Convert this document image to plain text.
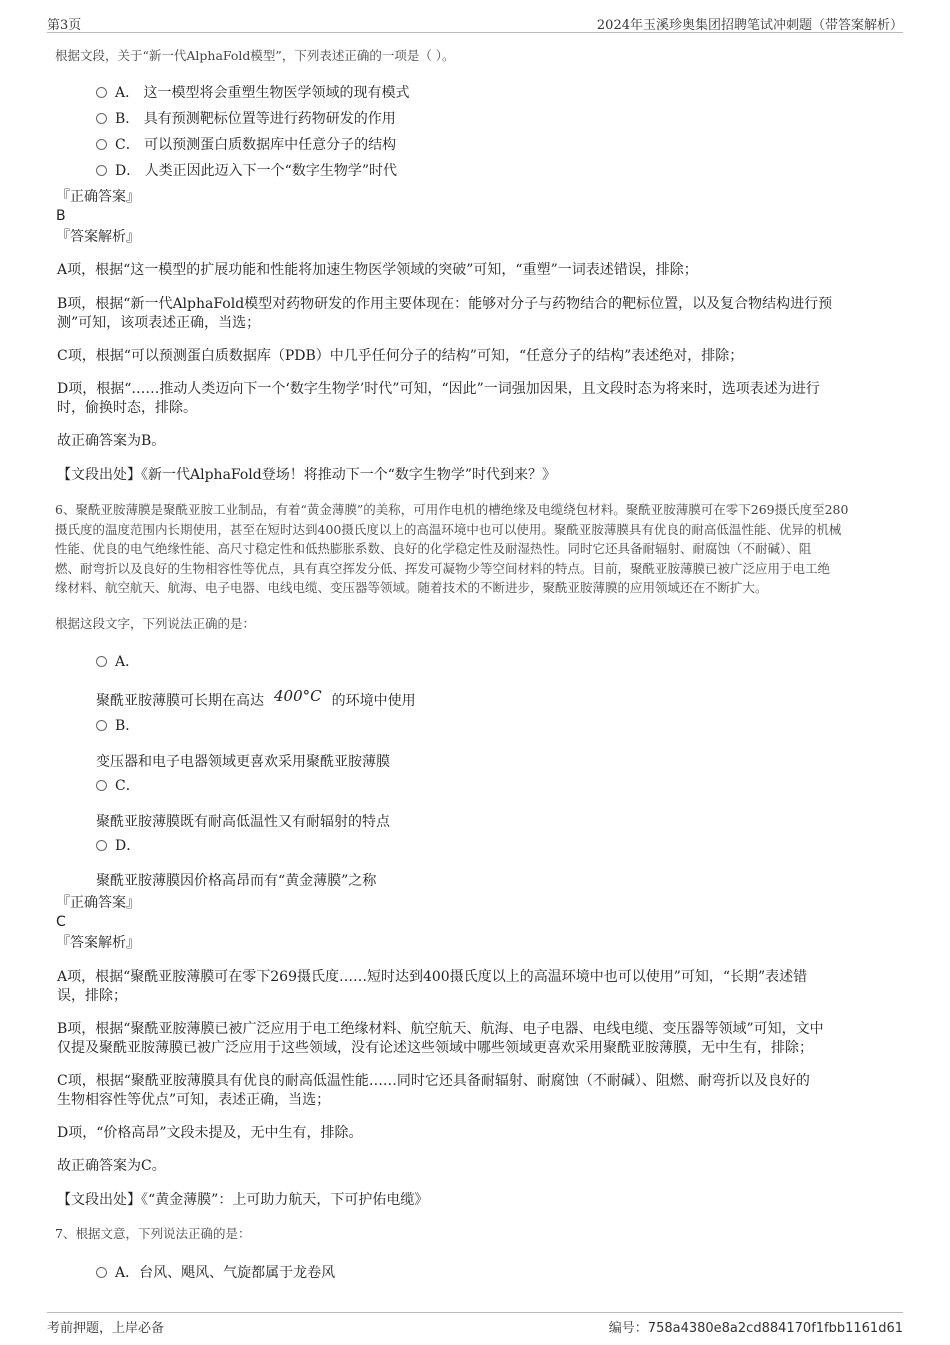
第3页	2024年玉溪珍奥集团招聘笔试冲刺题（带答案解析）
根据文段，关于“新一代AlphaFold模型”，下列表述正确的一项是（ ）。
A． 这一模型将会重塑生物医学领域的现有模式
B． 具有预测靶标位置等进行药物研发的作用
C． 可以预测蛋白质数据库中任意分子的结构
D． 人类正因此迈入下一个“数字生物学”时代
『正确答案』
B
『答案解析』
A项，根据“这一模型的扩展功能和性能将加速生物医学领域的突破”可知，“重塑”一词表述错误，排除；
B项，根据“新一代AlphaFold模型对药物研发的作用主要体现在：能够对分子与药物结合的靶标位置，以及复合物结构进行预
测”可知，该项表述正确，当选；
C项，根据“可以预测蛋白质数据库（PDB）中几乎任何分子的结构”可知，“任意分子的结构”表述绝对，排除；
D项，根据“……推动人类迈向下一个‘数字生物学’时代”可知，“因此”一词强加因果，且文段时态为将来时，选项表述为进行
时，偷换时态，排除。
故正确答案为B。
【文段出处】《新一代AlphaFold登场！将推动下一个“数字生物学”时代到来？》
6、聚酰亚胺薄膜是聚酰亚胺工业制品，有着“黄金薄膜”的美称，可用作电机的槽绝缘及电缆绕包材料。聚酰亚胺薄膜可在零下269摄氏度至280
摄氏度的温度范围内长期使用，甚至在短时达到400摄氏度以上的高温环境中也可以使用。聚酰亚胺薄膜具有优良的耐高低温性能、优异的机械
性能、优良的电气绝缘性能、高尺寸稳定性和低热膨胀系数、良好的化学稳定性及耐湿热性。同时它还具备耐辐射、耐腐蚀（不耐碱）、阻
燃、耐弯折以及良好的生物相容性等优点，具有真空挥发分低、挥发可凝物少等空间材料的特点。目前，聚酰亚胺薄膜已被广泛应用于电工绝
缘材料、航空航天、航海、电子电器、电线电缆、变压器等领域。随着技术的不断进步，聚酰亚胺薄膜的应用领域还在不断扩大。
根据这段文字，下列说法正确的是：
A．
聚酰亚胺薄膜可长期在高达 400°C 的环境中使用
B．
变压器和电子电器领域更喜欢采用聚酰亚胺薄膜
C．
聚酰亚胺薄膜既有耐高低温性又有耐辐射的特点
D．
聚酰亚胺薄膜因价格高昂而有“黄金薄膜”之称
『正确答案』
C
『答案解析』
A项，根据“聚酰亚胺薄膜可在零下269摄氏度……短时达到400摄氏度以上的高温环境中也可以使用”可知，“长期”表述错
误，排除；
B项，根据“聚酰亚胺薄膜已被广泛应用于电工绝缘材料、航空航天、航海、电子电器、电线电缆、变压器等领域”可知，文中
仅提及聚酰亚胺薄膜已被广泛应用于这些领域，没有论述这些领域中哪些领域更喜欢采用聚酰亚胺薄膜，无中生有，排除；
C项，根据“聚酰亚胺薄膜具有优良的耐高低温性能……同时它还具备耐辐射、耐腐蚀（不耐碱）、阻燃、耐弯折以及良好的
生物相容性等优点”可知，表述正确，当选；
D项，“价格高昂”文段未提及，无中生有，排除。
故正确答案为C。
【文段出处】《“黄金薄膜”：上可助力航天，下可护佑电缆》
7、根据文意，下列说法正确的是：
A．台风、飓风、气旋都属于龙卷风
考前押题，上岸必备	编号：758a4380e8a2cd884170f1fbb1161d61
